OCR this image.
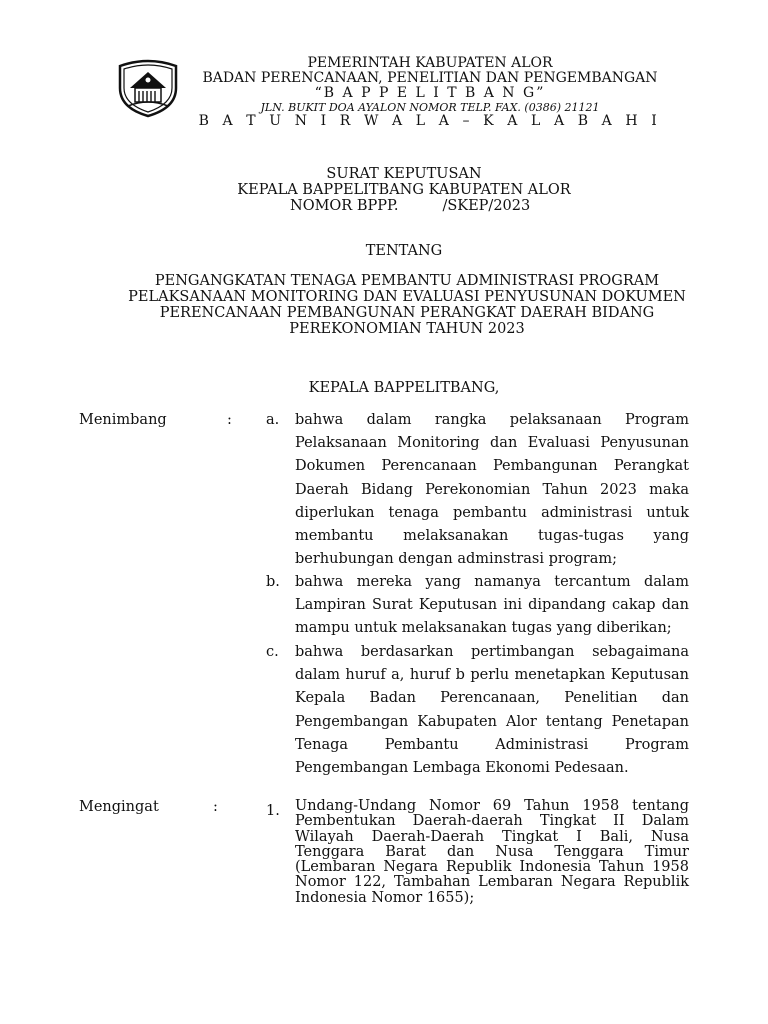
PEMERINTAH KABUPATEN ALOR
BADAN PERENCANAAN, PENELITIAN DAN PENGEMBANGAN
“B A P P E L I T B A N G”
JLN. BUKIT DOA AYALON NOMOR TELP. FAX. (0386) 21121
B A T U N I R W A L A – K A L A B A H I
SURAT KEPUTUSAN
KEPALA BAPPELITBANG KABUPATEN ALOR
NOMOR BPPP.	/SKEP/2023
TENTANG
PENGANGKATAN TENAGA PEMBANTU ADMINISTRASI PROGRAM
PELAKSANAAN MONITORING DAN EVALUASI PENYUSUNAN DOKUMEN
PERENCANAAN PEMBANGUNAN PERANGKAT DAERAH BIDANG
PEREKONOMIAN TAHUN 2023
KEPALA BAPPELITBANG,
Menimbang	: a. bahwa dalam rangka pelaksanaan Program Pelaksanaan Monitoring dan Evaluasi Penyusunan Dokumen Perencanaan Pembangunan Perangkat Daerah Bidang Perekonomian Tahun 2023 maka diperlukan tenaga pembantu administrasi untuk membantu melaksanakan tugas-tugas yang berhubungan dengan adminstrasi program;
b. bahwa mereka yang namanya tercantum dalam Lampiran Surat Keputusan ini dipandang cakap dan mampu untuk melaksanakan tugas yang diberikan;
c. bahwa berdasarkan pertimbangan sebagaimana dalam huruf a, huruf b perlu menetapkan Keputusan Kepala Badan Perencanaan, Penelitian dan Pengembangan Kabupaten Alor tentang Penetapan Tenaga Pembantu Administrasi Program Pengembangan Lembaga Ekonomi Pedesaan.
Mengingat	:	1. Undang-Undang Nomor 69 Tahun 1958 tentang Pembentukan Daerah-daerah Tingkat II Dalam Wilayah Daerah-Daerah Tingkat I Bali, Nusa Tenggara Barat dan Nusa Tenggara Timur (Lembaran Negara Republik Indonesia Tahun 1958 Nomor 122, Tambahan Lembaran Negara Republik Indonesia Nomor 1655);
